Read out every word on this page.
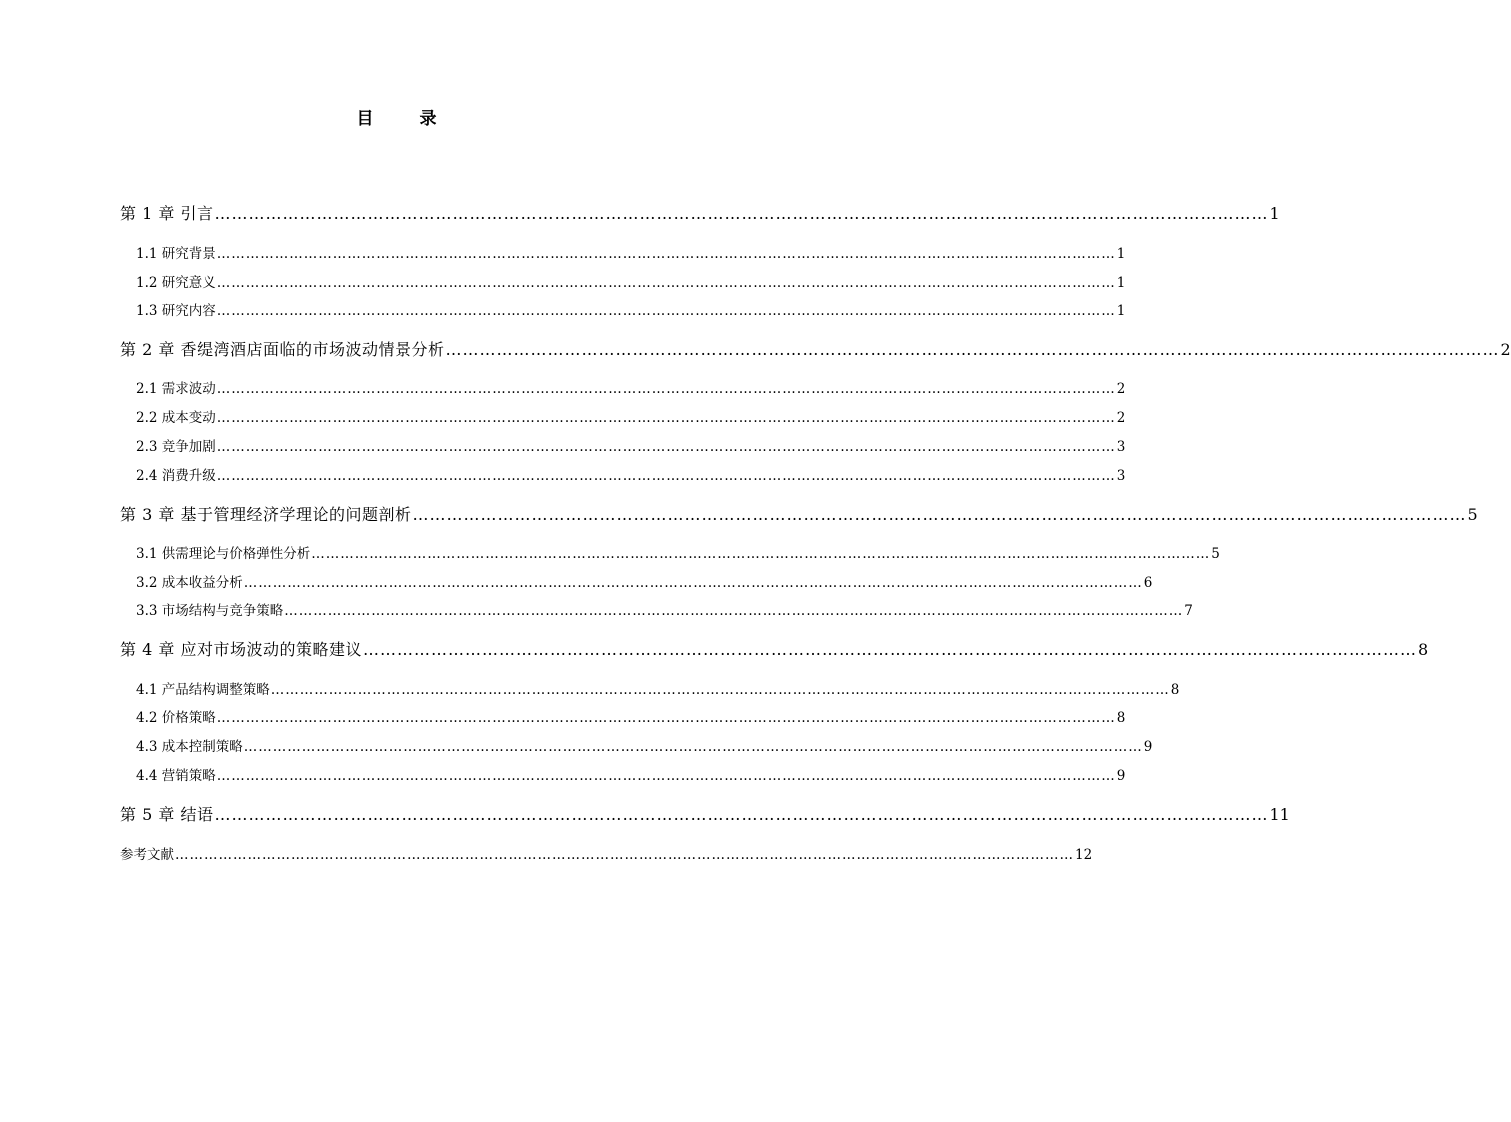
目 录
第 1 章 引言 …………………………………………………………………………………………………………………………………………………………………… 1
1.1 研究背景 …………………………………………………………………………………………………………………………………………………………………… 1
1.2 研究意义 …………………………………………………………………………………………………………………………………………………………………… 1
1.3 研究内容 …………………………………………………………………………………………………………………………………………………………………… 1
第 2 章 香缇湾酒店面临的市场波动情景分析 …………………………………………………………………………………………………………………………………………………………………… 2
2.1 需求波动 …………………………………………………………………………………………………………………………………………………………………… 2
2.2 成本变动 …………………………………………………………………………………………………………………………………………………………………… 2
2.3 竞争加剧 …………………………………………………………………………………………………………………………………………………………………… 3
2.4 消费升级 …………………………………………………………………………………………………………………………………………………………………… 3
第 3 章 基于管理经济学理论的问题剖析 …………………………………………………………………………………………………………………………………………………………………… 5
3.1 供需理论与价格弹性分析 …………………………………………………………………………………………………………………………………………………………………… 5
3.2 成本收益分析 …………………………………………………………………………………………………………………………………………………………………… 6
3.3 市场结构与竞争策略 …………………………………………………………………………………………………………………………………………………………………… 7
第 4 章 应对市场波动的策略建议 …………………………………………………………………………………………………………………………………………………………………… 8
4.1 产品结构调整策略 …………………………………………………………………………………………………………………………………………………………………… 8
4.2 价格策略 …………………………………………………………………………………………………………………………………………………………………… 8
4.3 成本控制策略 …………………………………………………………………………………………………………………………………………………………………… 9
4.4 营销策略 …………………………………………………………………………………………………………………………………………………………………… 9
第 5 章 结语 …………………………………………………………………………………………………………………………………………………………………… 11
参考文献 …………………………………………………………………………………………………………………………………………………………………… 12
